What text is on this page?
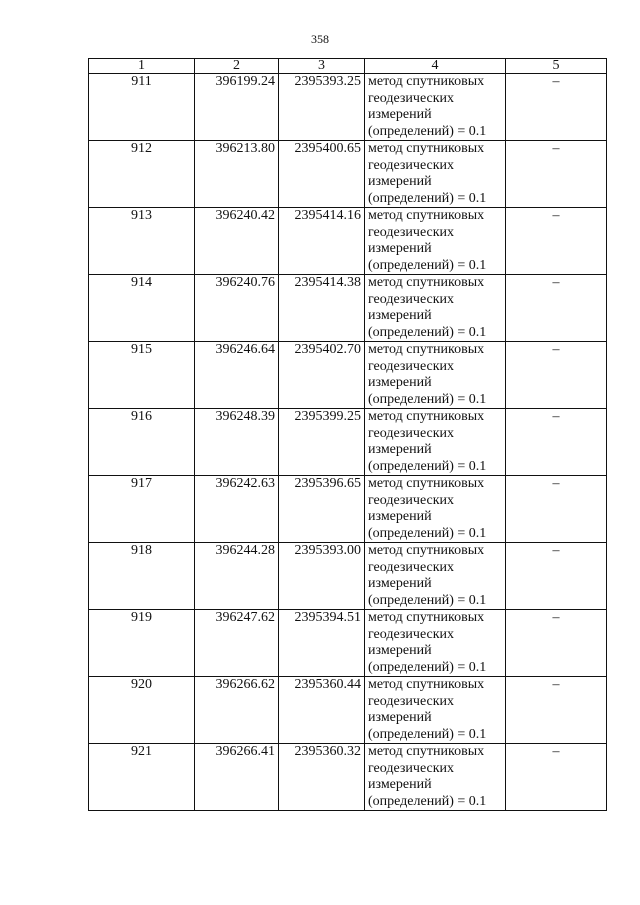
358
1	2	3	4	5
911	396199.24	2395393.25	метод спутниковых
геодезических
измерений
(определений) = 0.1	–
912	396213.80	2395400.65	метод спутниковых
геодезических
измерений
(определений) = 0.1	–
913	396240.42	2395414.16	метод спутниковых
геодезических
измерений
(определений) = 0.1	–
914	396240.76	2395414.38	метод спутниковых
геодезических
измерений
(определений) = 0.1	–
915	396246.64	2395402.70	метод спутниковых
геодезических
измерений
(определений) = 0.1	–
916	396248.39	2395399.25	метод спутниковых
геодезических
измерений
(определений) = 0.1	–
917	396242.63	2395396.65	метод спутниковых
геодезических
измерений
(определений) = 0.1	–
918	396244.28	2395393.00	метод спутниковых
геодезических
измерений
(определений) = 0.1	–
919	396247.62	2395394.51	метод спутниковых
геодезических
измерений
(определений) = 0.1	–
920	396266.62	2395360.44	метод спутниковых
геодезических
измерений
(определений) = 0.1	–
921	396266.41	2395360.32	метод спутниковых
геодезических
измерений
(определений) = 0.1	–
